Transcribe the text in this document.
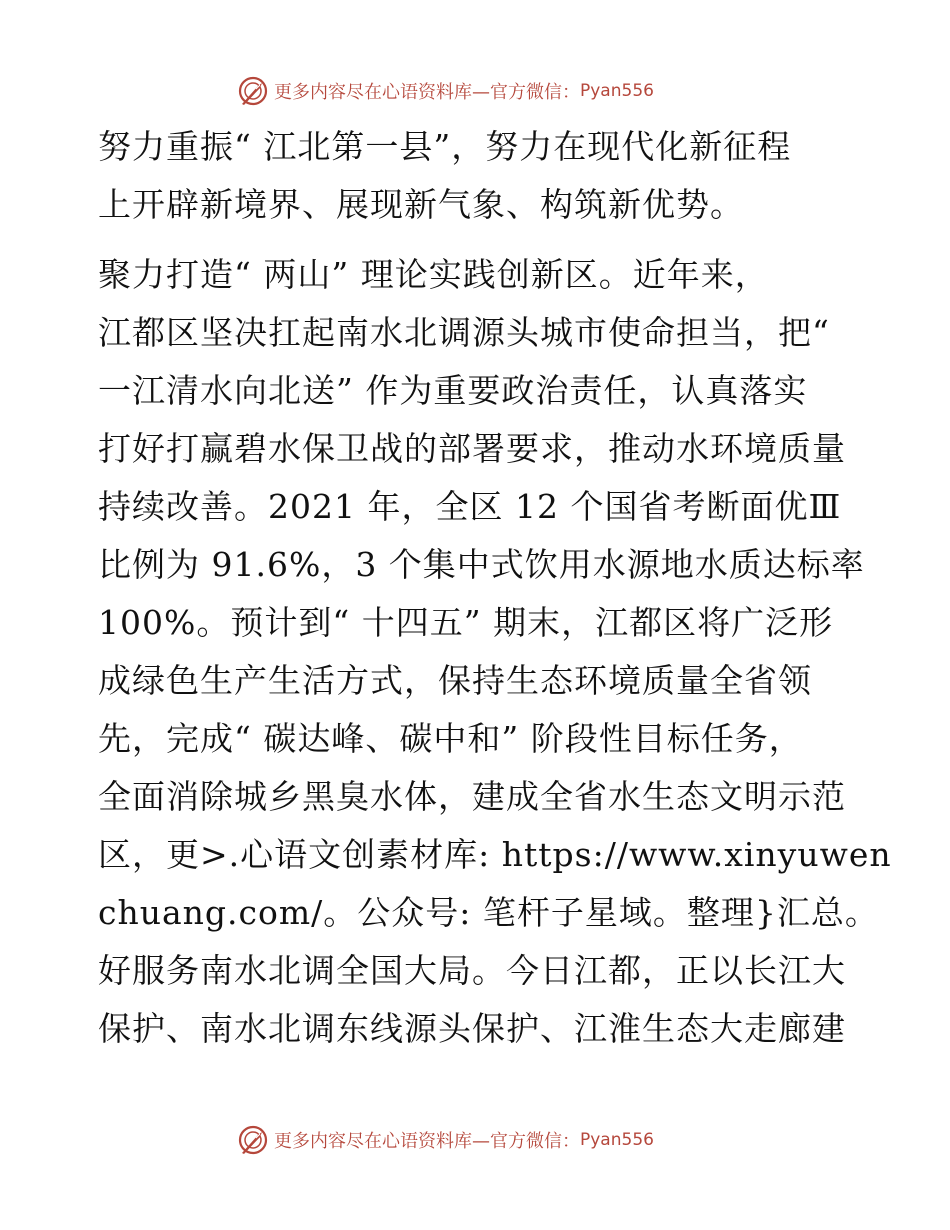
更多内容尽在心语资料库—官方微信： Pyan556
努力重振“ 江北第一县”，努力在现代化新征程
上开辟新境界、展现新气象、构筑新优势。
聚力打造“ 两山” 理论实践创新区。近年来，
江都区坚决扛起南水北调源头城市使命担当，把“
一江清水向北送” 作为重要政治责任，认真落实
打好打赢碧水保卫战的部署要求，推动水环境质量
持续改善。2021 年，全区 12 个国省考断面优Ⅲ
比例为 91.6%，3 个集中式饮用水源地水质达标率
100%。预计到“ 十四五” 期末，江都区将广泛形
成绿色生产生活方式，保持生态环境质量全省领
先，完成“ 碳达峰、碳中和” 阶段性目标任务，
全面消除城乡黑臭水体，建成全省水生态文明示范
区，更>.心语文创素材库: https://www.xinyuwen
chuang.com/。公众号: 笔杆子星域。整理}汇总。
好服务南水北调全国大局。今日江都，正以长江大
保护、南水北调东线源头保护、江淮生态大走廊建
更多内容尽在心语资料库—官方微信： Pyan556
